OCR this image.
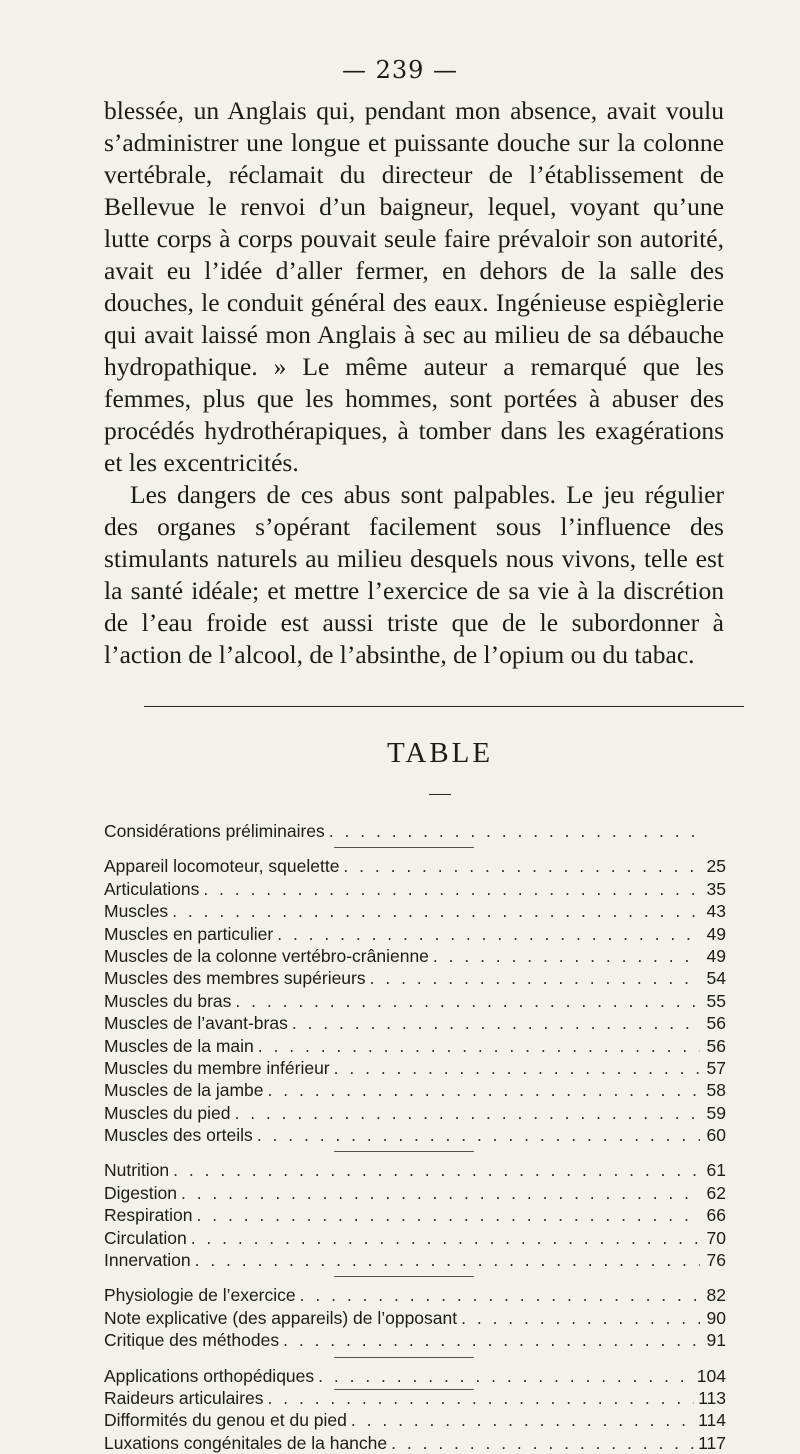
— 239 —

blessée, un Anglais qui, pendant mon absence, avait voulu s’administrer une longue et puissante douche sur la colonne vertébrale, réclamait du directeur de l’établissement de Bellevue le renvoi d’un baigneur, lequel, voyant qu’une lutte corps à corps pouvait seule faire prévaloir son autorité, avait eu l’idée d’aller fermer, en dehors de la salle des douches, le conduit général des eaux. Ingénieuse espièglerie qui avait laissé mon Anglais à sec au milieu de sa débauche hydropathique. » Le même auteur a remarqué que les femmes, plus que les hommes, sont portées à abuser des procédés hydrothérapiques, à tomber dans les exagérations et les excentricités.

Les dangers de ces abus sont palpables. Le jeu régulier des organes s’opérant facilement sous l’influence des stimulants naturels au milieu desquels nous vivons, telle est la santé idéale; et mettre l’exercice de sa vie à la discrétion de l’eau froide est aussi triste que de le subordonner à l’action de l’alcool, de l’absinthe, de l’opium ou du tabac.

TABLE
Considérations préliminaires
. . .
Appareil locomoteur, squelette . . .	25
Articulations . . .	35
Muscles . . .	43
Muscles en particulier . . .	49
Muscles de la colonne vertébro-crânienne . . .	49
Muscles des membres supérieurs . . .	54
Muscles du bras . . .	55
Muscles de l’avant-bras . . .	56
Muscles de la main . . .	56
Muscles du membre inférieur . . .	57
Muscles de la jambe . . .	58
Muscles du pied . . .	59
Muscles des orteils . . .	60
Nutrition . . .	61
Digestion . . .	62
Respiration . . .	66
Circulation . . .	70
Innervation . . .	76
Physiologie de l’exercice . . .	82
Note explicative (des appareils) de l’opposant . . .	90
Critique des méthodes . . .	91
Applications orthopédiques . . .	104
Raideurs articulaires . . .	113
Difformités du genou et du pied . . .	114
Luxations congénitales de la hanche . . .	117
